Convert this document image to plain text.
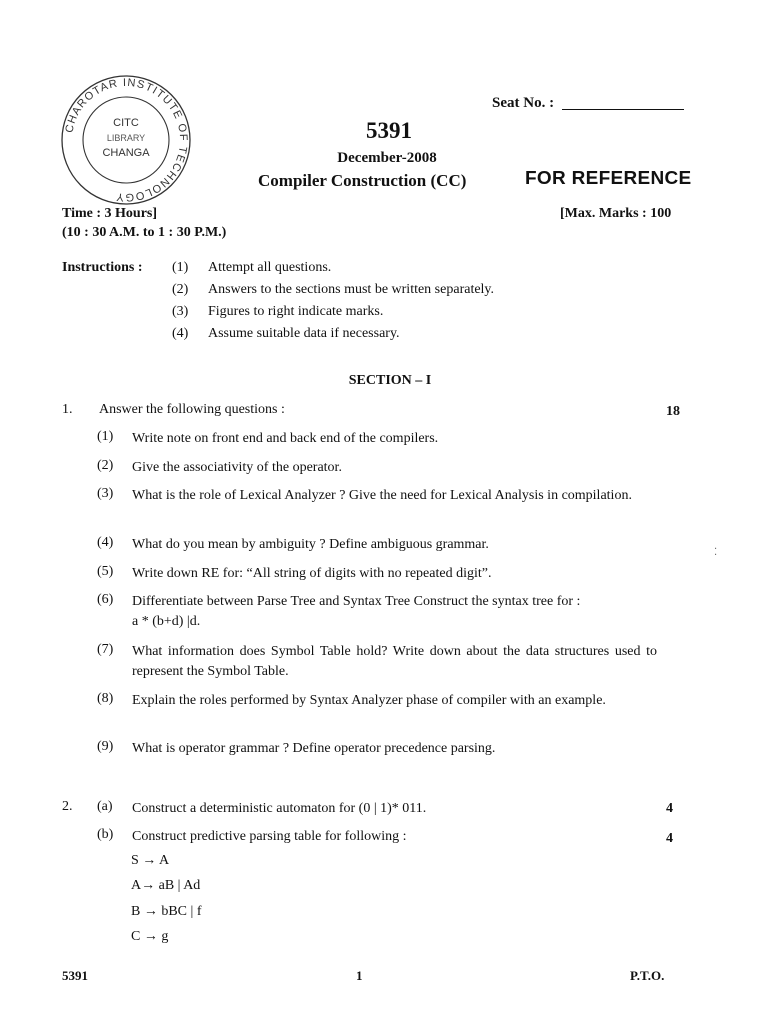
CHAROTAR INSTITUTE OF TECHNOLOGY
CITC
LIBRARY
CHANGA
Seat No. :
5391
December-2008
Compiler Construction (CC)	FOR REFERENCE
Time : 3 Hours]
(10 : 30 A.M. to 1 : 30 P.M.)
[Max. Marks : 100
Instructions : (1) Attempt all questions.
(2) Answers to the sections must be written separately.
(3) Figures to right indicate marks.
(4) Assume suitable data if necessary.
SECTION – I
1. Answer the following questions :	18
(1) Write note on front end and back end of the compilers.
(2) Give the associativity of the operator.
(3) What is the role of Lexical Analyzer ? Give the need for Lexical Analysis in compilation.
(4) What do you mean by ambiguity ? Define ambiguous grammar.
(5) Write down RE for: “All string of digits with no repeated digit”.
(6) Differentiate between Parse Tree and Syntax Tree Construct the syntax tree for :
a * (b+d) |d.
(7) What information does Symbol Table hold? Write down about the data structures used to represent the Symbol Table.
(8) Explain the roles performed by Syntax Analyzer phase of compiler with an example.
(9) What is operator grammar ? Define operator precedence parsing.
2. (a) Construct a deterministic automaton for (0 | 1)* 011.	4
(b) Construct predictive parsing table for following :	4
S → A
A→ aB | Ad
B → bBC | f
C → g
⁚
5391	1	P.T.O.
